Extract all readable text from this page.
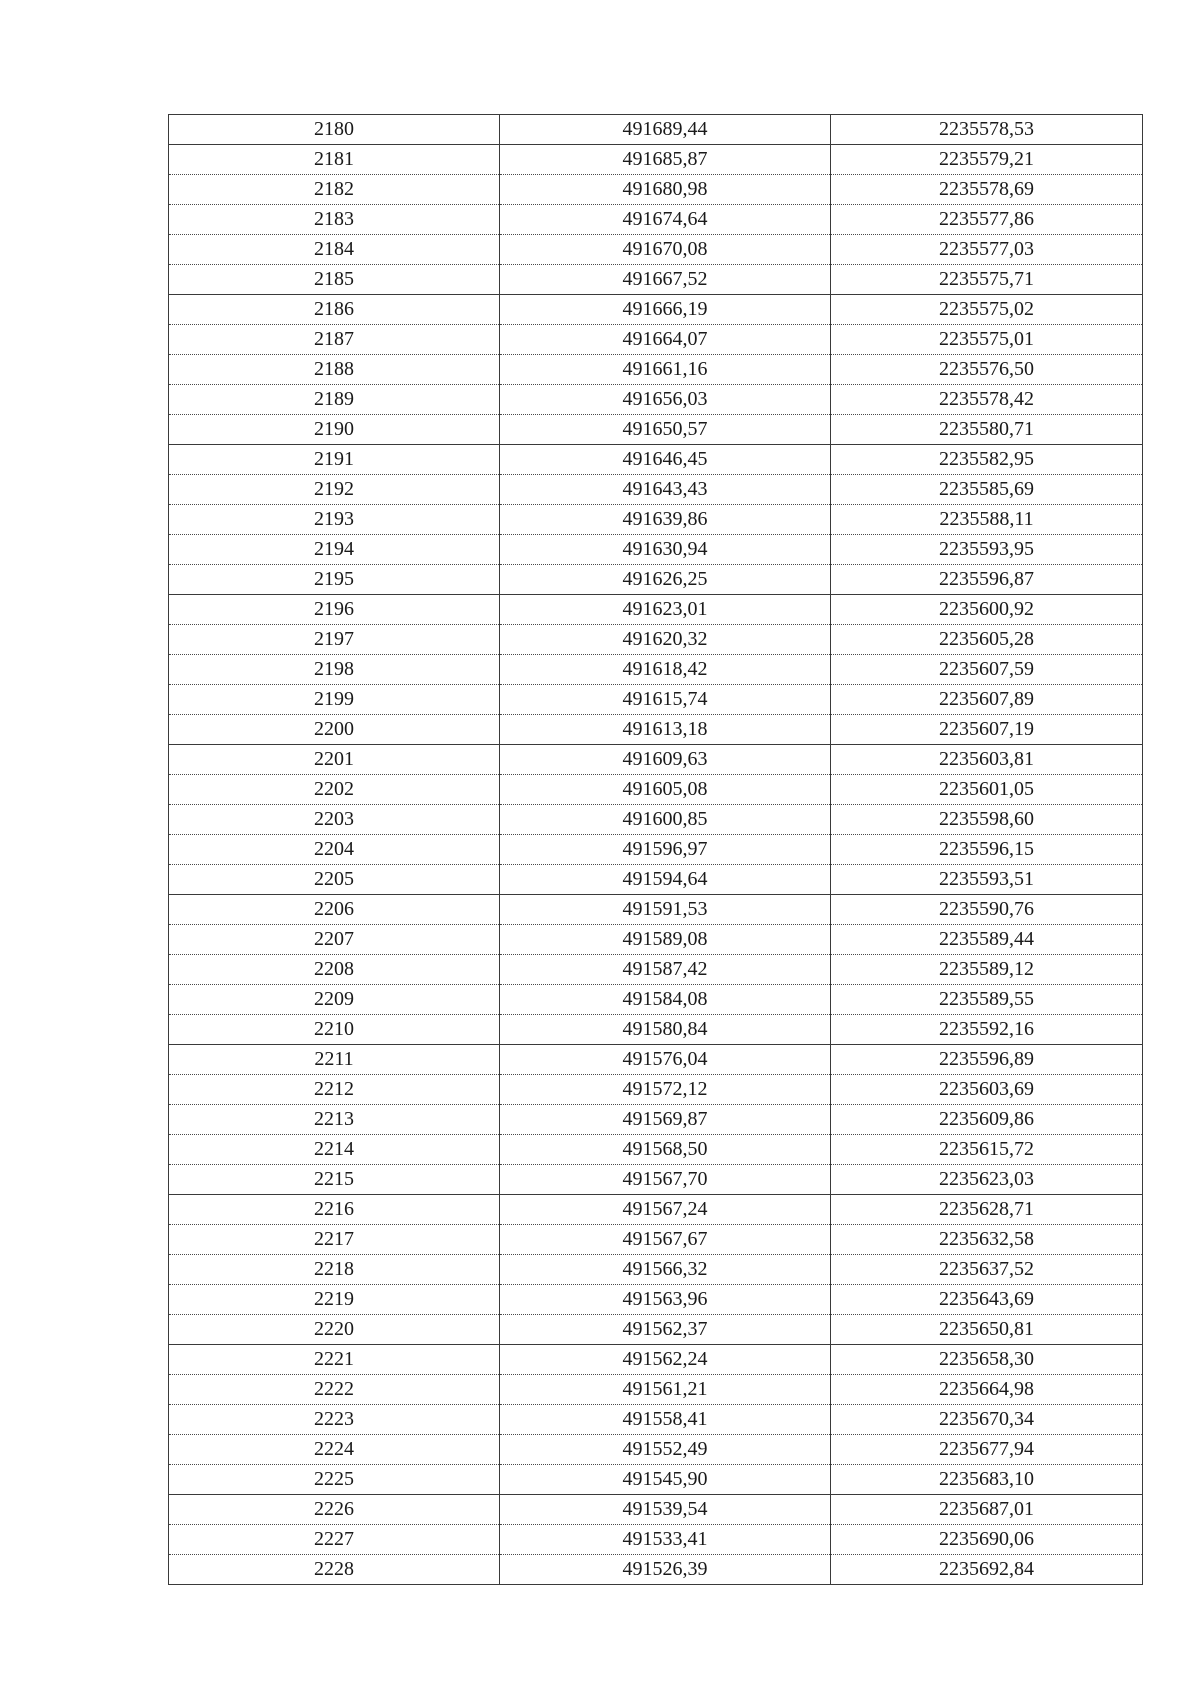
2180	491689,44	2235578,53
2181	491685,87	2235579,21
2182	491680,98	2235578,69
2183	491674,64	2235577,86
2184	491670,08	2235577,03
2185	491667,52	2235575,71
2186	491666,19	2235575,02
2187	491664,07	2235575,01
2188	491661,16	2235576,50
2189	491656,03	2235578,42
2190	491650,57	2235580,71
2191	491646,45	2235582,95
2192	491643,43	2235585,69
2193	491639,86	2235588,11
2194	491630,94	2235593,95
2195	491626,25	2235596,87
2196	491623,01	2235600,92
2197	491620,32	2235605,28
2198	491618,42	2235607,59
2199	491615,74	2235607,89
2200	491613,18	2235607,19
2201	491609,63	2235603,81
2202	491605,08	2235601,05
2203	491600,85	2235598,60
2204	491596,97	2235596,15
2205	491594,64	2235593,51
2206	491591,53	2235590,76
2207	491589,08	2235589,44
2208	491587,42	2235589,12
2209	491584,08	2235589,55
2210	491580,84	2235592,16
2211	491576,04	2235596,89
2212	491572,12	2235603,69
2213	491569,87	2235609,86
2214	491568,50	2235615,72
2215	491567,70	2235623,03
2216	491567,24	2235628,71
2217	491567,67	2235632,58
2218	491566,32	2235637,52
2219	491563,96	2235643,69
2220	491562,37	2235650,81
2221	491562,24	2235658,30
2222	491561,21	2235664,98
2223	491558,41	2235670,34
2224	491552,49	2235677,94
2225	491545,90	2235683,10
2226	491539,54	2235687,01
2227	491533,41	2235690,06
2228	491526,39	2235692,84
